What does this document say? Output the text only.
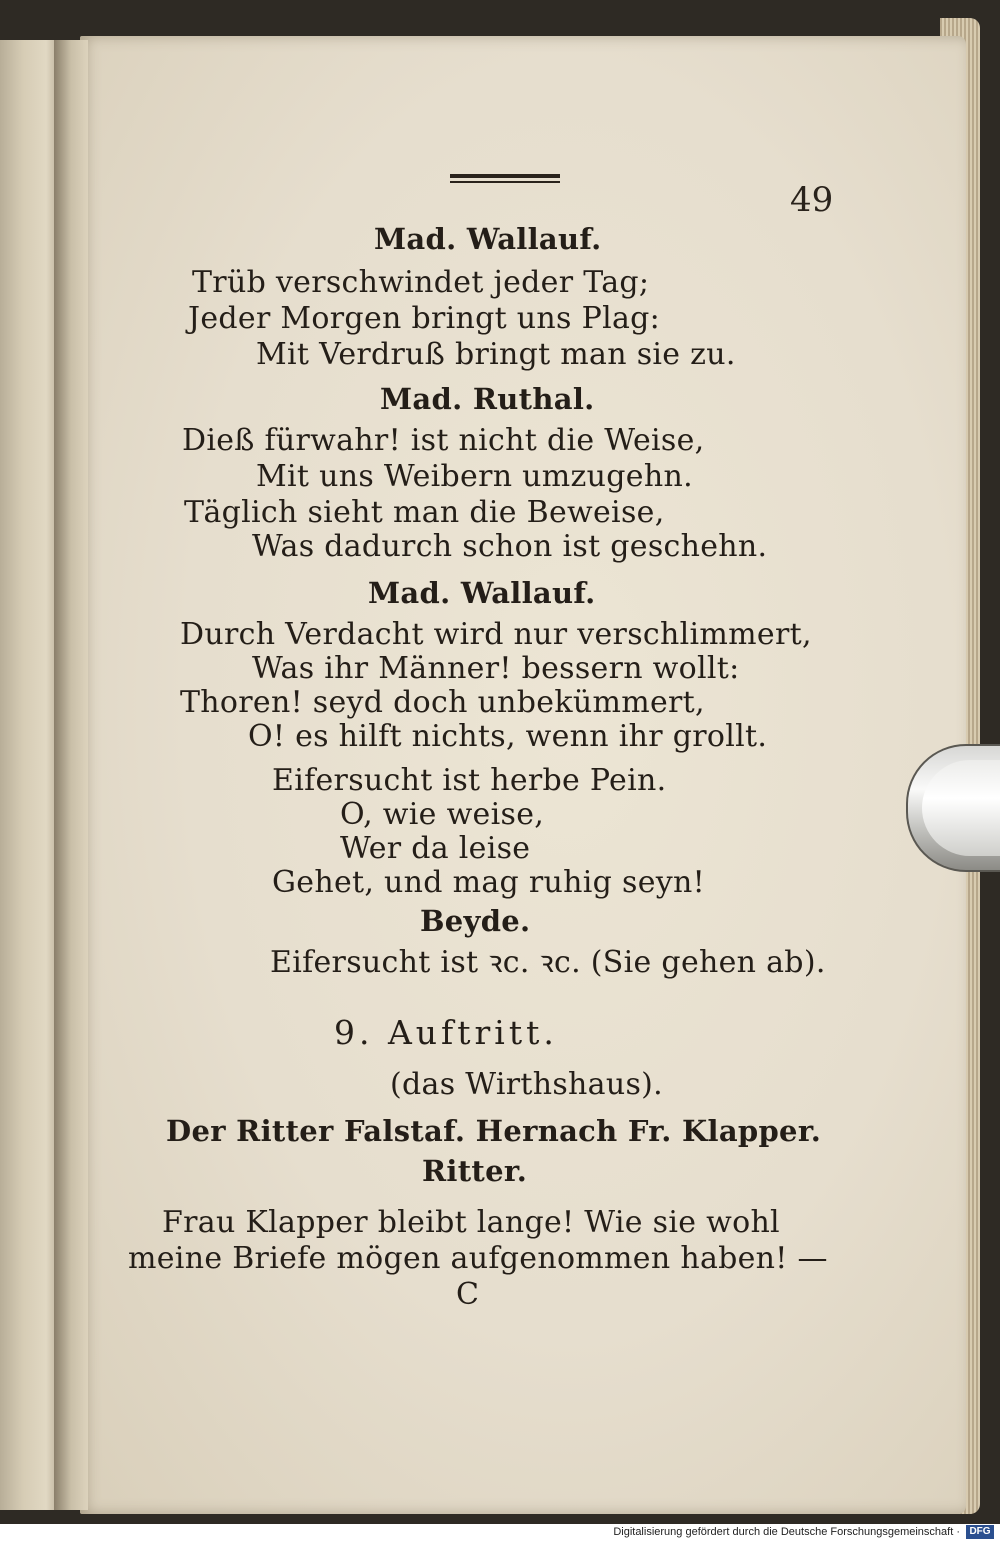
49
Mad. Wallauf.
Trüb verschwindet jeder Tag;
Jeder Morgen bringt uns Plag:
Mit Verdruß bringt man sie zu.
Mad. Ruthal.
Dieß fürwahr! ist nicht die Weise,
Mit uns Weibern umzugehn.
Täglich sieht man die Beweise,
Was dadurch schon ist geschehn.
Mad. Wallauf.
Durch Verdacht wird nur verschlimmert,
Was ihr Männer! bessern wollt:
Thoren! seyd doch unbekümmert,
O! es hilft nichts, wenn ihr grollt.
Eifersucht ist herbe Pein.
O, wie weise,
Wer da leise
Gehet, und mag ruhig seyn!
Beyde.
Eifersucht ist ꝛc. ꝛc. (Sie gehen ab).
9. Auftritt.
(das Wirthshaus).
Der Ritter Falstaf. Hernach Fr. Klapper.
Ritter.
Frau Klapper bleibt lange! Wie sie wohl
meine Briefe mögen aufgenommen haben! —
C
Digitalisierung gefördert durch die Deutsche Forschungsgemeinschaft · DFG
